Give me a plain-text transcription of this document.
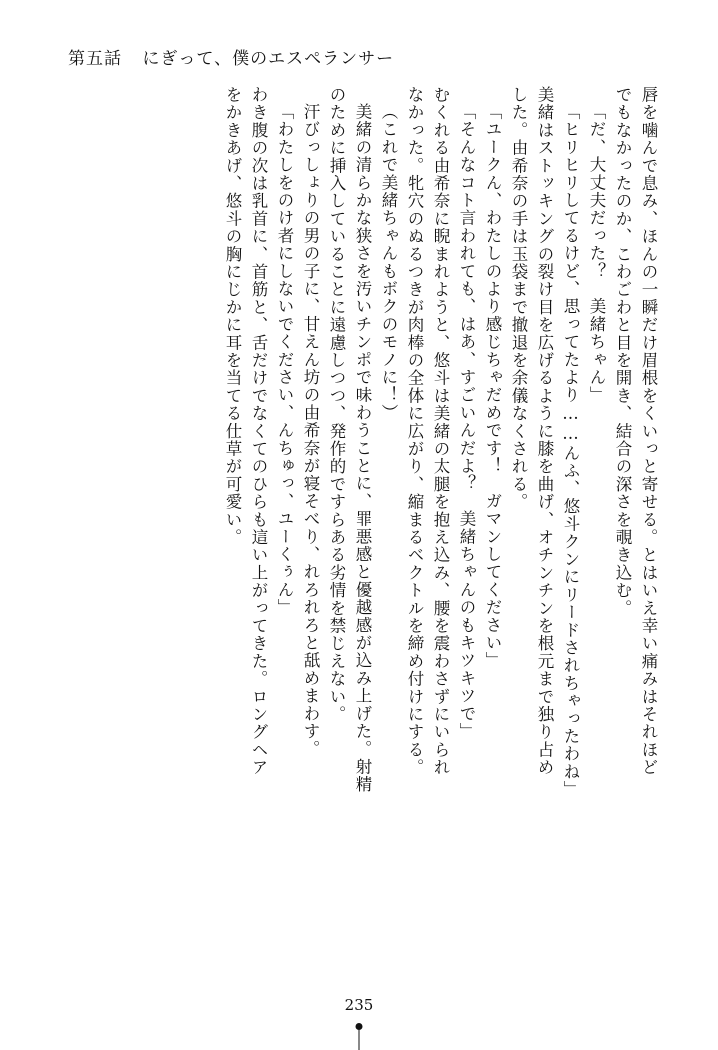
第五話 にぎって、僕のエスペランサー
唇を噛んで息み、ほんの一瞬だけ眉根をくいっと寄せる。とはいえ幸い痛みはそれほど
でもなかったのか、こわごわと目を開き、結合の深さを覗き込む。
「だ、大丈夫だった？　美緒ちゃん」
「ヒリヒリしてるけど、思ってたより……んふ、悠斗クンにリードされちゃったわね」
美緒はストッキングの裂け目を広げるように膝を曲げ、オチンチンを根元まで独り占め
した。由希奈の手は玉袋まで撤退を余儀なくされる。
「ユークん、わたしのより感じちゃだめです！　ガマンしてください」
「そんなコト言われても、はあ、すごいんだよ？　美緒ちゃんのもキツキツで」
むくれる由希奈に睨まれようと、悠斗は美緒の太腿を抱え込み、腰を震わさずにいられ
なかった。牝穴のぬるつきが肉棒の全体に広がり、縮まるベクトルを締め付けにする。
（これで美緒ちゃんもボクのモノに！）
美緒の清らかな狭さを汚いチンポで味わうことに、罪悪感と優越感が込み上げた。射精
のために挿入していることに遠慮しつつ、発作的ですらある劣情を禁じえない。
汗びっしょりの男の子に、甘えん坊の由希奈が寝そべり、れろれろと舐めまわす。
「わたしをのけ者にしないでください、んちゅっ、ユーくぅん」
わき腹の次は乳首に、首筋と、舌だけでなくてのひらも這い上がってきた。ロングヘア
をかきあげ、悠斗の胸にじかに耳を当てる仕草が可愛い。
235
